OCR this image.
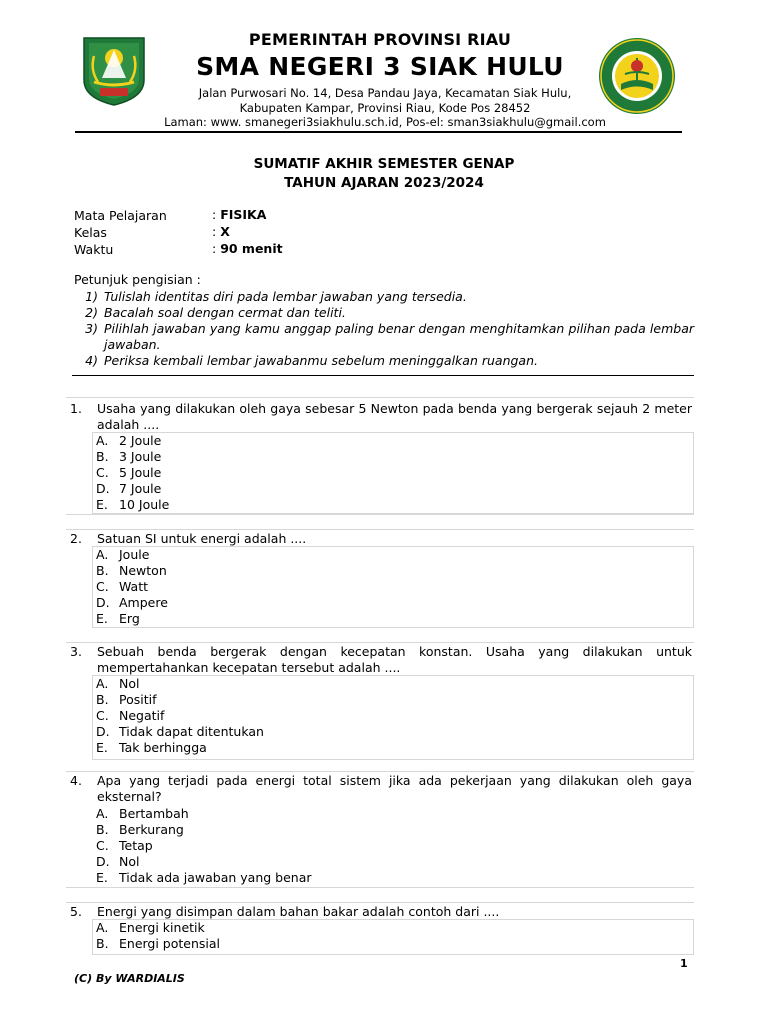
PEMERINTAH PROVINSI RIAU
SMA NEGERI 3 SIAK HULU
Jalan Purwosari No. 14, Desa Pandau Jaya, Kecamatan Siak Hulu,
Kabupaten Kampar, Provinsi Riau, Kode Pos 28452
Laman: www. smanegeri3siakhulu.sch.id, Pos-el: sman3siakhulu@gmail.com
SUMATIF AKHIR SEMESTER GENAP
TAHUN AJARAN 2023/2024
Mata Pelajaran	: FISIKA
Kelas	: X
Waktu	: 90 menit
Petunjuk pengisian :
1) Tulislah identitas diri pada lembar jawaban yang tersedia.
2) Bacalah soal dengan cermat dan teliti.
3) Pilihlah jawaban yang kamu anggap paling benar dengan menghitamkan pilihan pada lembar jawaban.
4) Periksa kembali lembar jawabanmu sebelum meninggalkan ruangan.
1.	Usaha yang dilakukan oleh gaya sebesar 5 Newton pada benda yang bergerak sejauh 2 meter adalah ....
A. 2 Joule
B. 3 Joule
C. 5 Joule
D. 7 Joule
E. 10 Joule
2.	Satuan SI untuk energi adalah ....
A. Joule
B. Newton
C. Watt
D. Ampere
E. Erg
3.	Sebuah benda bergerak dengan kecepatan konstan. Usaha yang dilakukan untuk mempertahankan kecepatan tersebut adalah ....
A. Nol
B. Positif
C. Negatif
D. Tidak dapat ditentukan
E. Tak berhingga
4.	Apa yang terjadi pada energi total sistem jika ada pekerjaan yang dilakukan oleh gaya eksternal?
A. Bertambah
B. Berkurang
C. Tetap
D. Nol
E. Tidak ada jawaban yang benar
5.	Energi yang disimpan dalam bahan bakar adalah contoh dari ....
A. Energi kinetik
B. Energi potensial
1
(C) By WARDIALIS
